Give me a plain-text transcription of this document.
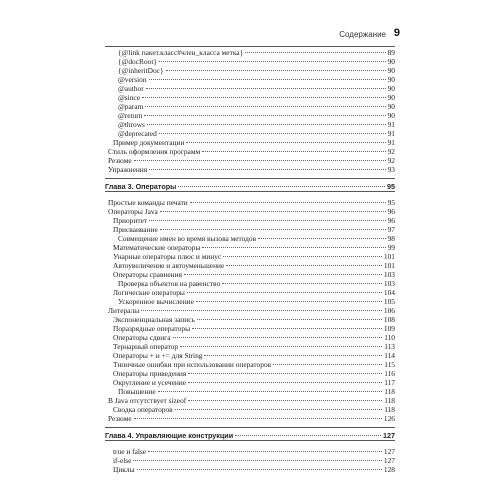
Содержание 9
{@link пакет.класс#член_класса метка}	89
{@docRoot}	90
{@inheritDoc}	90
@version	90
@author	90
@since	90
@param	90
@return	90
@throws	91
@deprecated	91
Пример документации	91
Стиль оформления программ	92
Резюме	92
Упражнения	93
Глава 3. Операторы	95
Простые команды печати	95
Операторы Java	96
Приоритет	96
Присваивание	97
Совмещение имен во время вызова методов	98
Математические операторы	99
Унарные операторы плюс и минус	101
Автоувеличение и автоуменьшение	101
Операторы сравнения	103
Проверка объектов на равенство	103
Логические операторы	104
Ускоренное вычисление	105
Литералы	106
Экспоненциальная запись	108
Поразрядные операторы	109
Операторы сдвига	110
Тернарный оператор	113
Операторы + и += для String	114
Типичные ошибки при использовании операторов	115
Операторы приведения	116
Округление и усечение	117
Повышение	118
В Java отсутствует sizeof	118
Сводка операторов	118
Резюме	126
Глава 4. Управляющие конструкции	127
true и false	127
if-else	127
Циклы	128
